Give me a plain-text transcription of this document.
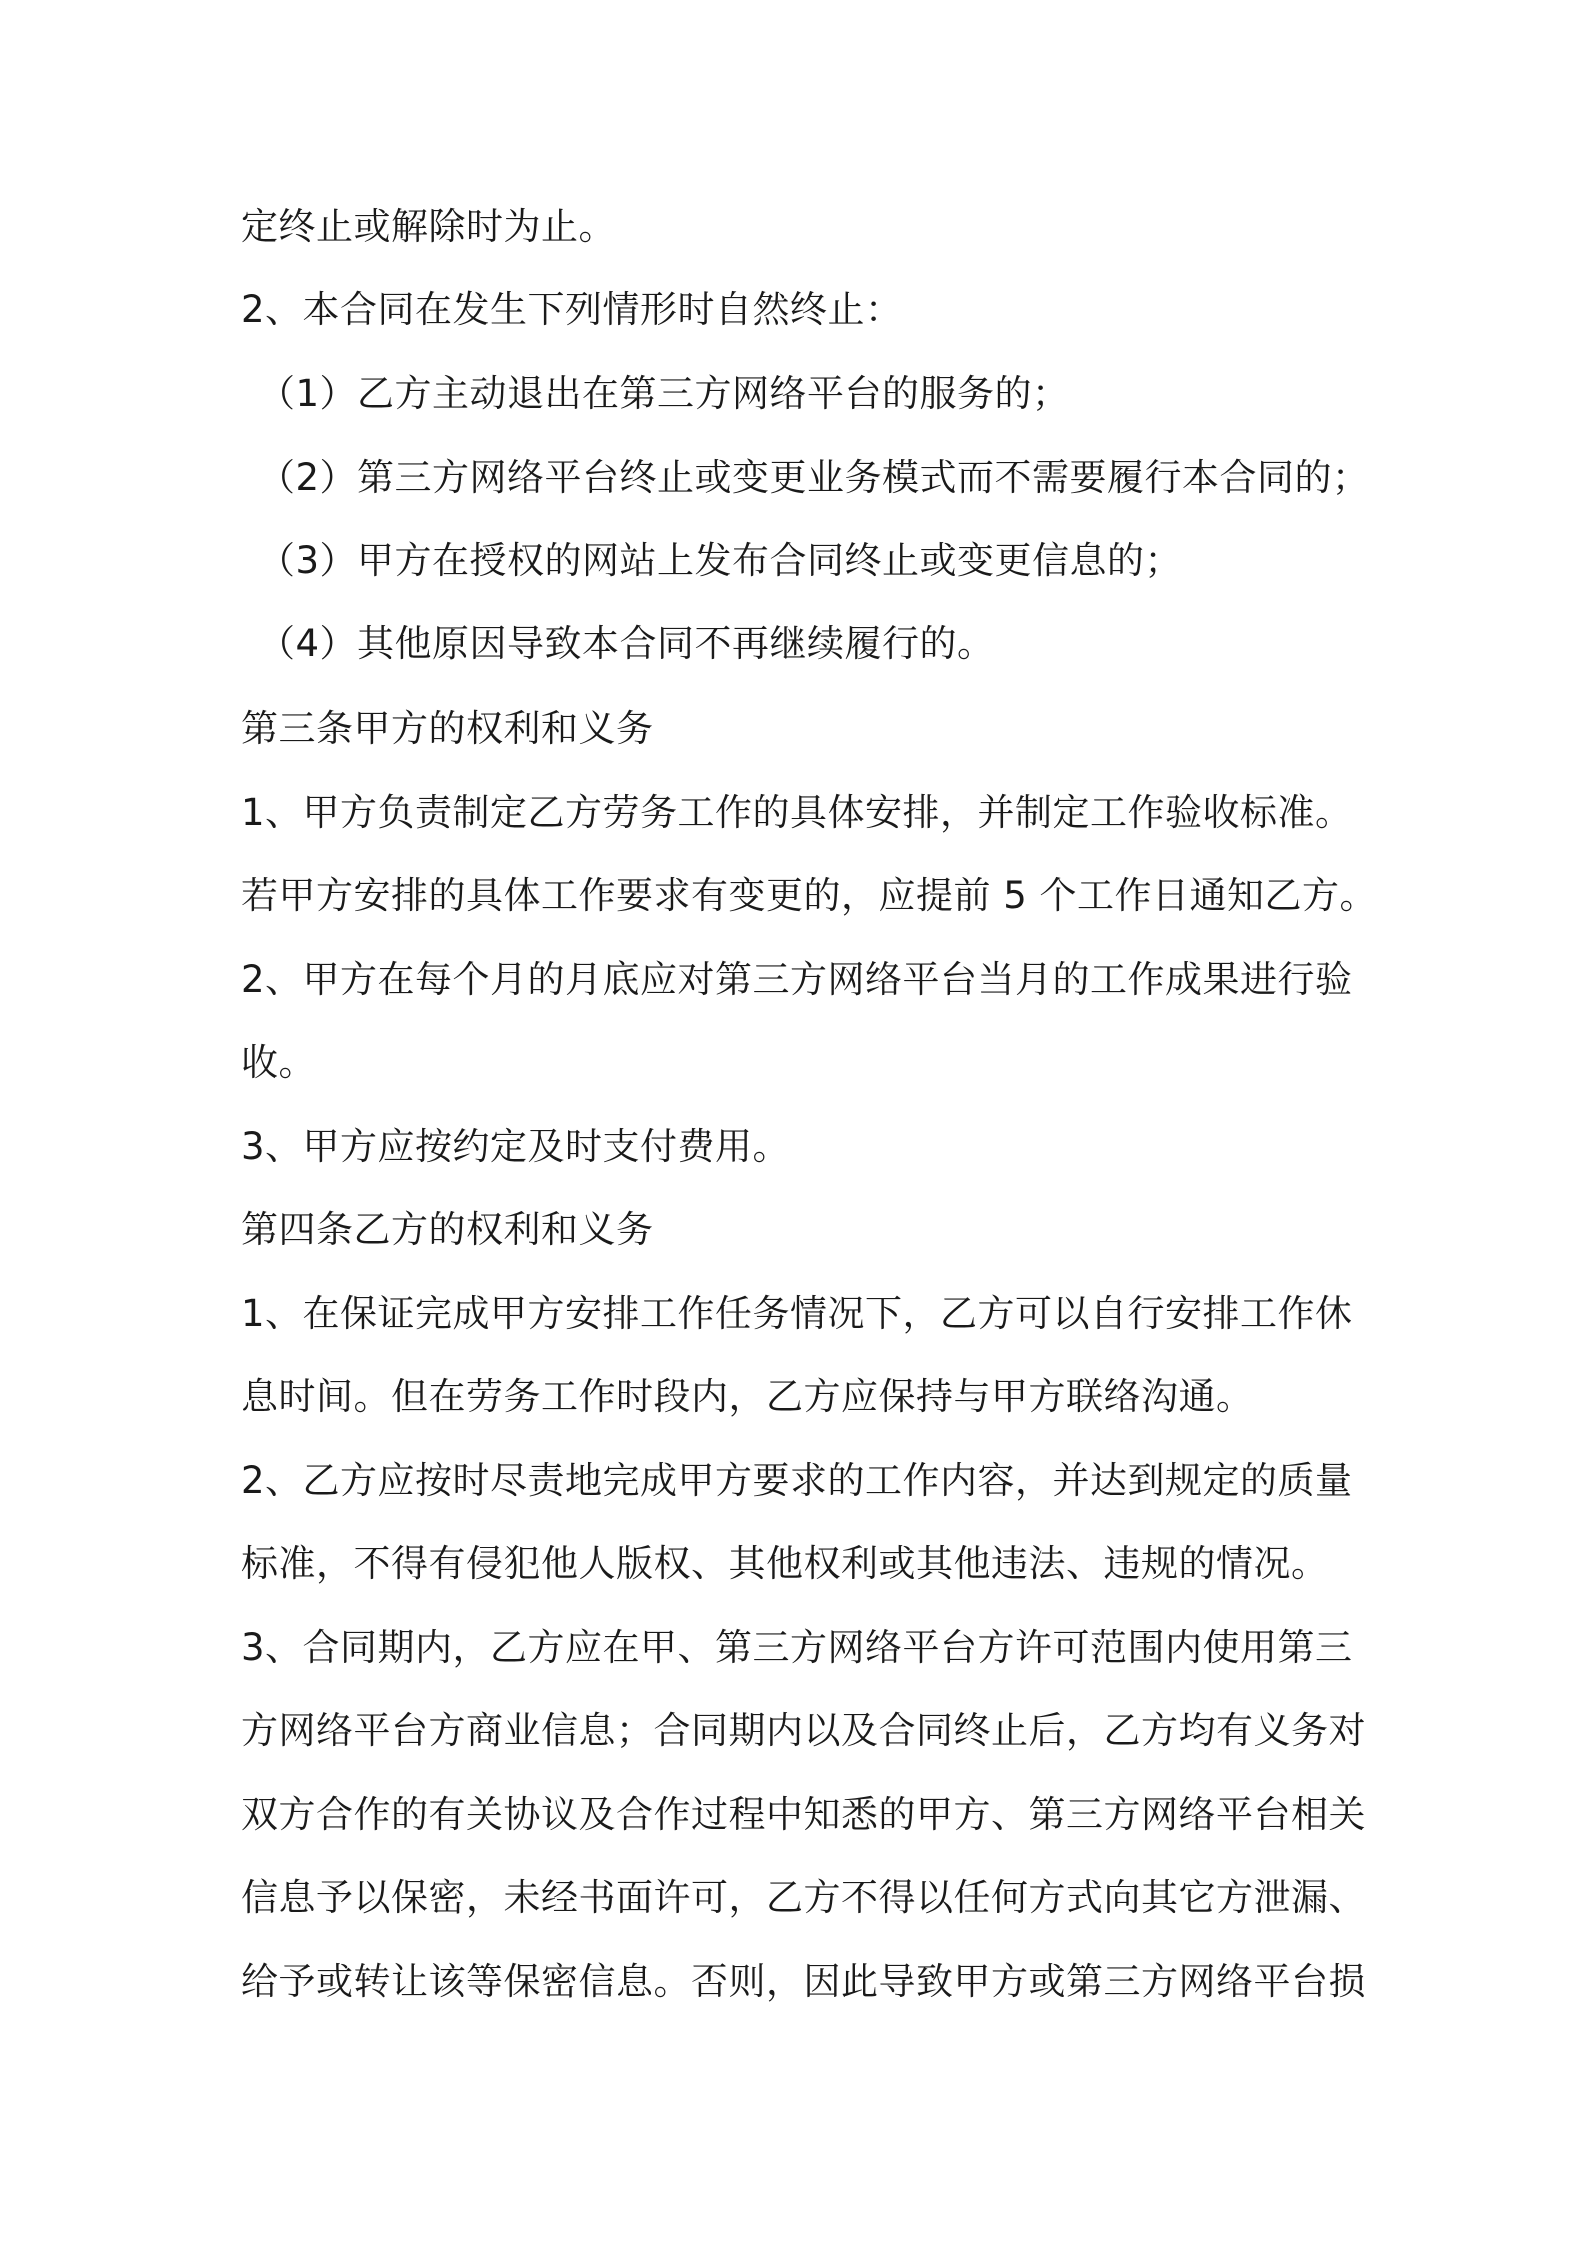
定终止或解除时为止。

2、本合同在发生下列情形时自然终止：

（1）乙方主动退出在第三方网络平台的服务的；

（2）第三方网络平台终止或变更业务模式而不需要履行本合同的；

（3）甲方在授权的网站上发布合同终止或变更信息的；

（4）其他原因导致本合同不再继续履行的。

第三条甲方的权利和义务

1、甲方负责制定乙方劳务工作的具体安排，并制定工作验收标准。

若甲方安排的具体工作要求有变更的，应提前 5 个工作日通知乙方。

2、甲方在每个月的月底应对第三方网络平台当月的工作成果进行验

收。

3、甲方应按约定及时支付费用。

第四条乙方的权利和义务

1、在保证完成甲方安排工作任务情况下，乙方可以自行安排工作休

息时间。但在劳务工作时段内，乙方应保持与甲方联络沟通。

2、乙方应按时尽责地完成甲方要求的工作内容，并达到规定的质量

标准，不得有侵犯他人版权、其他权利或其他违法、违规的情况。

3、合同期内，乙方应在甲、第三方网络平台方许可范围内使用第三

方网络平台方商业信息；合同期内以及合同终止后，乙方均有义务对

双方合作的有关协议及合作过程中知悉的甲方、第三方网络平台相关

信息予以保密，未经书面许可，乙方不得以任何方式向其它方泄漏、

给予或转让该等保密信息。否则，因此导致甲方或第三方网络平台损
